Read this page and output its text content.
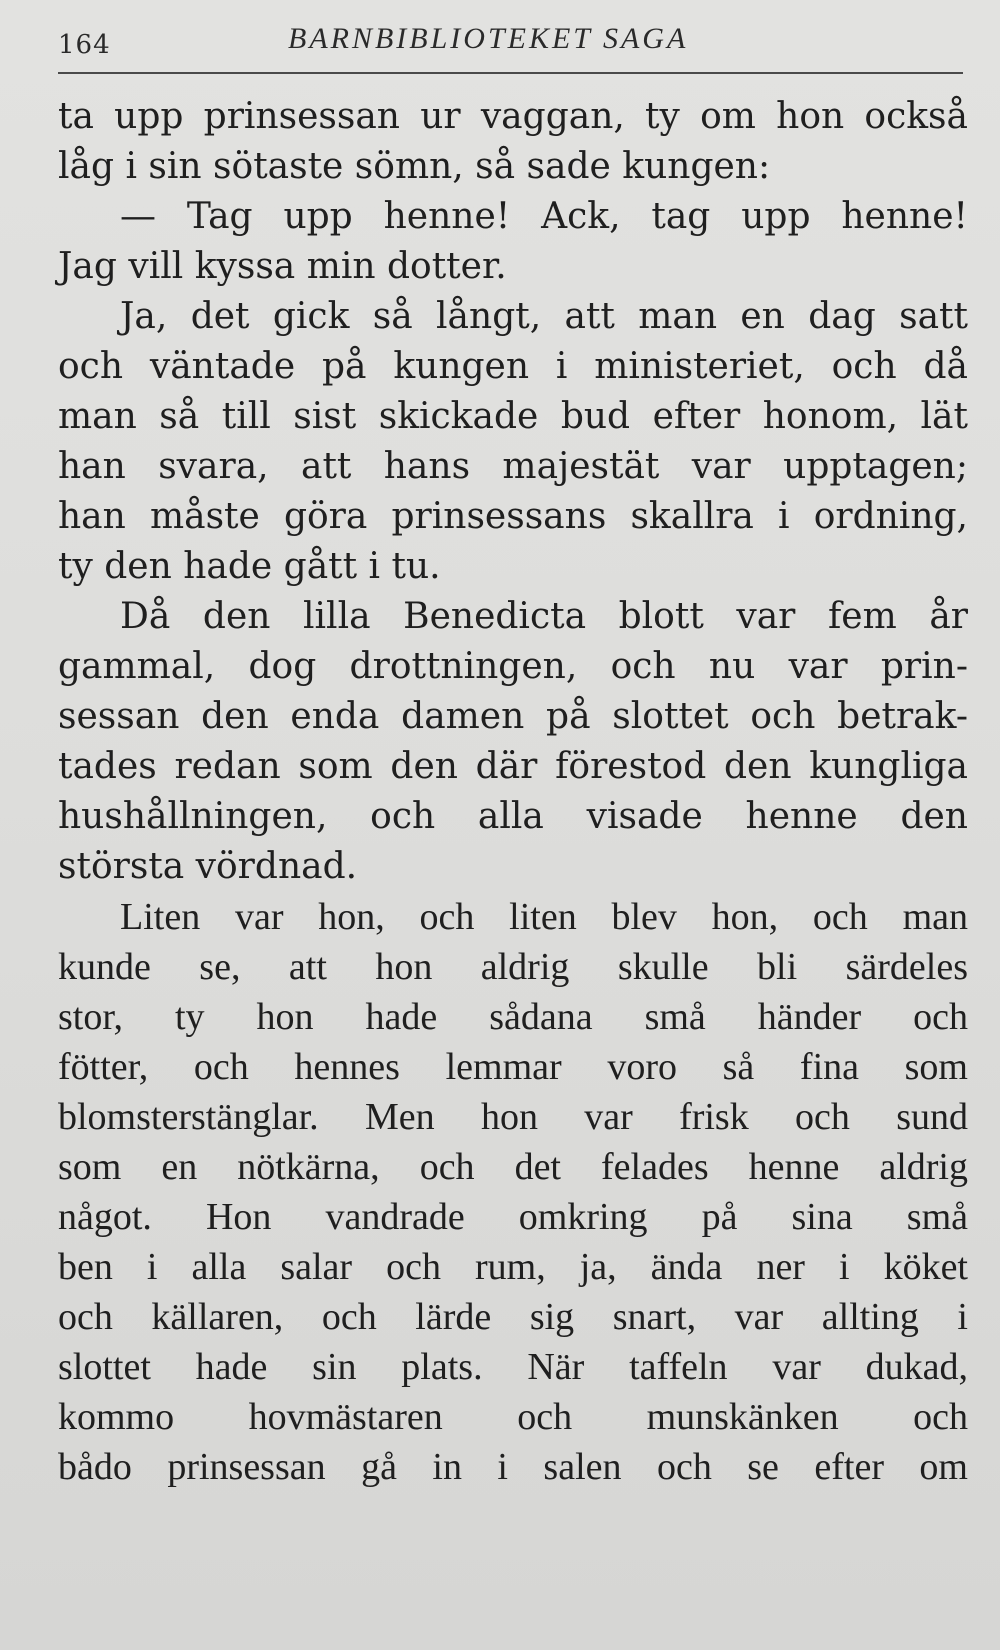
164	BARNBIBLIOTEKET SAGA
ta upp prinsessan ur vaggan, ty om hon också
låg i sin sötaste sömn, så sade kungen:
— Tag upp henne! Ack, tag upp henne!
Jag vill kyssa min dotter.
Ja, det gick så långt, att man en dag satt
och väntade på kungen i ministeriet, och då
man så till sist skickade bud efter honom, lät
han svara, att hans majestät var upptagen;
han måste göra prinsessans skallra i ordning,
ty den hade gått i tu.
Då den lilla Benedicta blott var fem år
gammal, dog drottningen, och nu var prin-
sessan den enda damen på slottet och betrak-
tades redan som den där förestod den kungliga
hushållningen, och alla visade henne den
största vördnad.
Liten var hon, och liten blev hon, och man
kunde se, att hon aldrig skulle bli särdeles
stor, ty hon hade sådana små händer och
fötter, och hennes lemmar voro så fina som
blomsterstänglar. Men hon var frisk och sund
som en nötkärna, och det felades henne aldrig
något. Hon vandrade omkring på sina små
ben i alla salar och rum, ja, ända ner i köket
och källaren, och lärde sig snart, var allting i
slottet hade sin plats. När taffeln var dukad,
kommo hovmästaren och munskänken och
bådo prinsessan gå in i salen och se efter om
